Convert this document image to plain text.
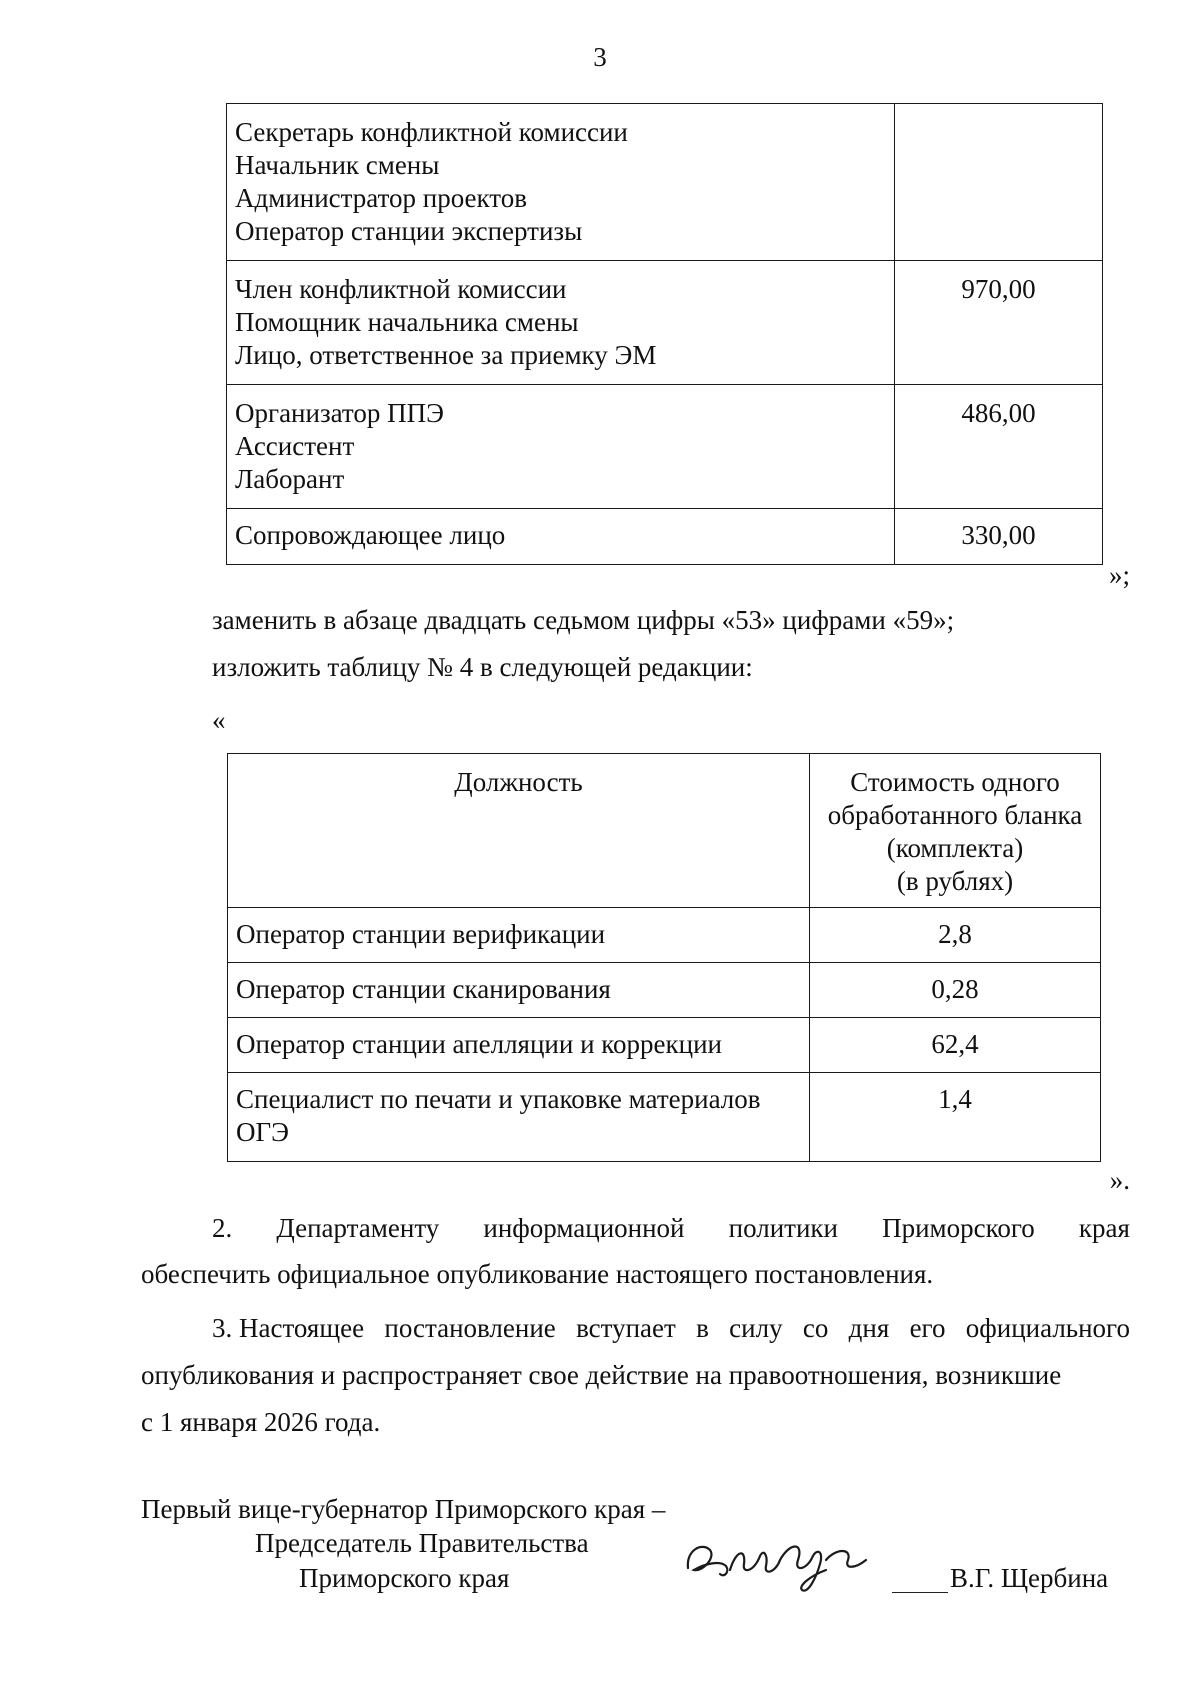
3
Секретарь конфликтной комиссии
Начальник смены
Администратор проектов
Оператор станции экспертизы	

Член конфликтной комиссии
Помощник начальника смены
Лицо, ответственное за приемку ЭМ	970,00

Организатор ППЭ
Ассистент
Лаборант	486,00

Сопровождающее лицо	330,00
»;
заменить в абзаце двадцать седьмом цифры «53» цифрами «59»;
изложить таблицу № 4 в следующей редакции:
«
Должность	Стоимость одного
обработанного бланка
(комплекта)
(в рублях)

Оператор станции верификации	2,8
Оператор станции сканирования	0,28
Оператор станции апелляции и коррекции	62,4

Специалист по печати и упаковке материалов
ОГЭ	1,4
».
2. Департаменту информационной политики Приморского края
обеспечить официальное опубликование настоящего постановления.
3. Настоящее постановление вступает в силу со дня его официального
опубликования и распространяет свое действие на правоотношения, возникшие
с 1 января 2026 года.
Первый вице-губернатор Приморского края –
Председатель Правительства
Приморского края	В.Г. Щербина
